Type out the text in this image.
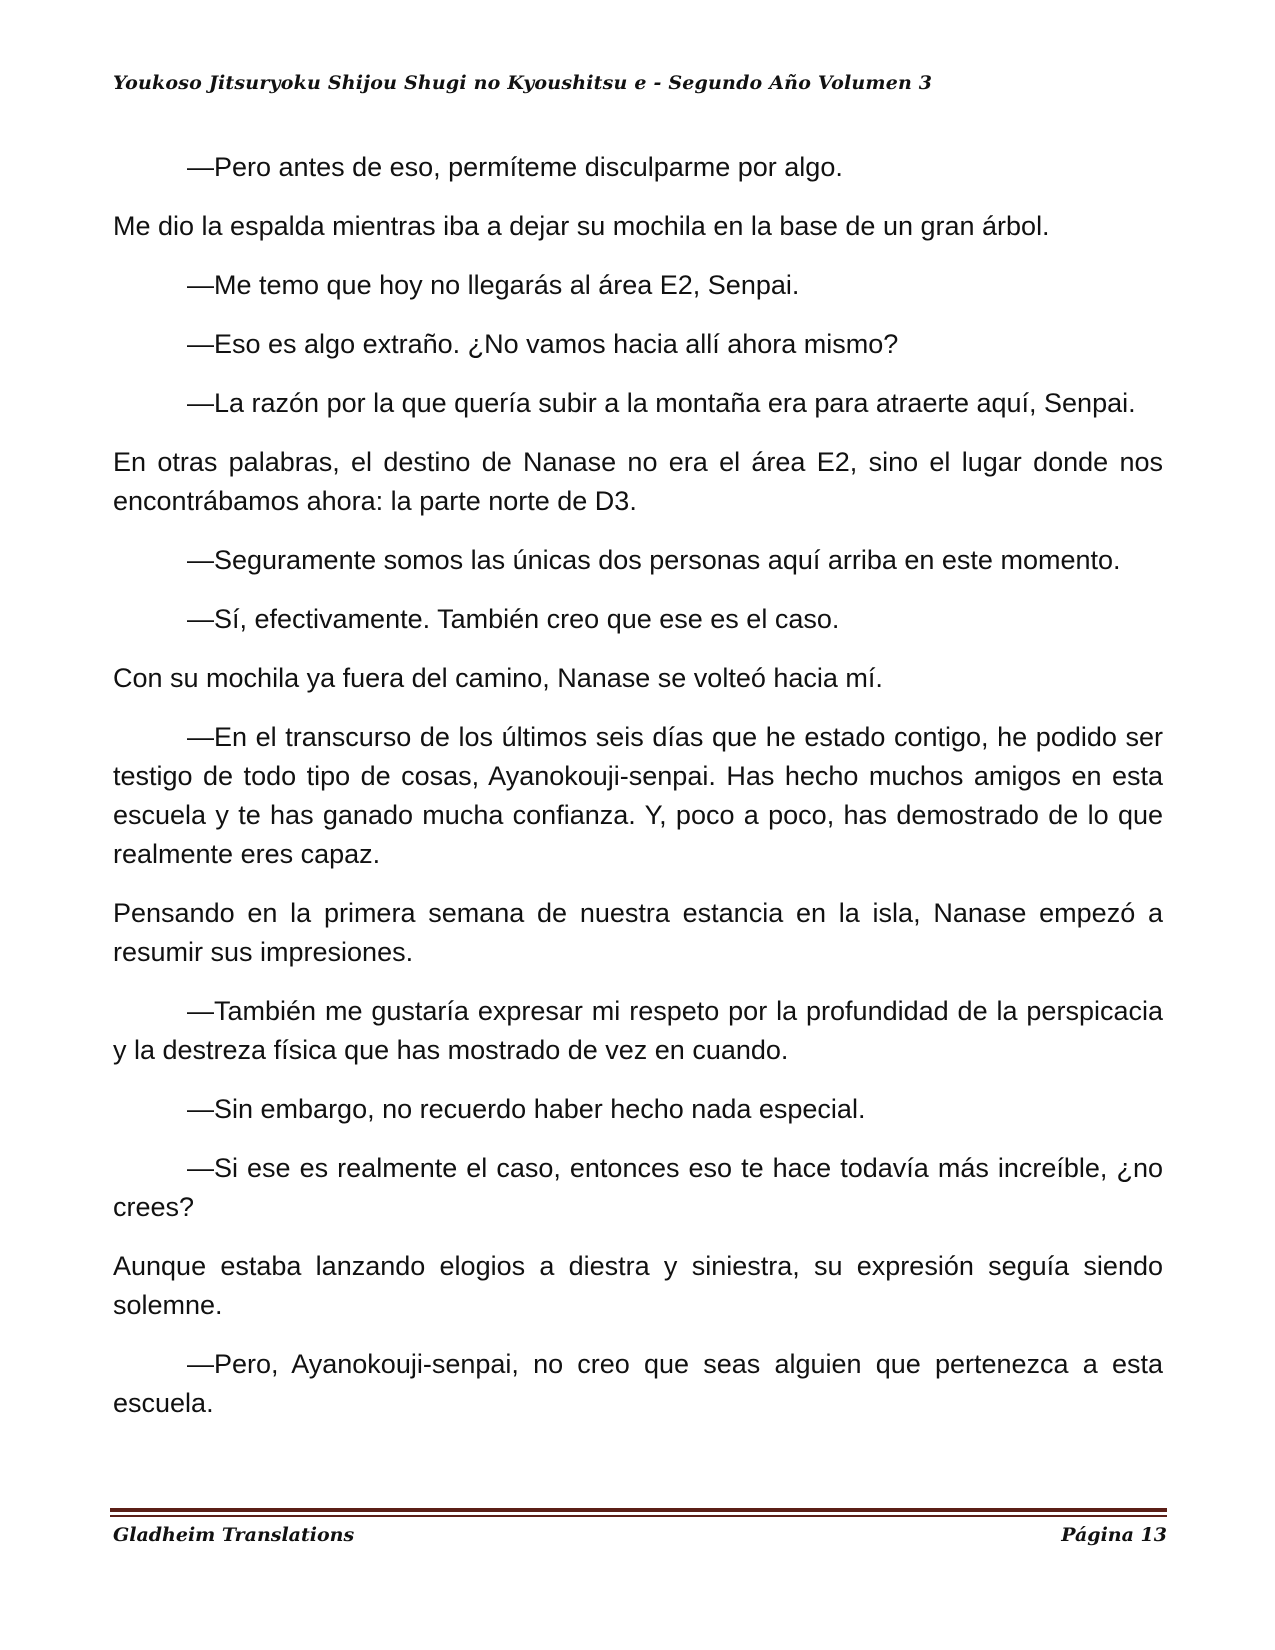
Youkoso Jitsuryoku Shijou Shugi no Kyoushitsu e - Segundo Año Volumen 3

—Pero antes de eso, permíteme disculparme por algo.

Me dio la espalda mientras iba a dejar su mochila en la base de un gran árbol.

—Me temo que hoy no llegarás al área E2, Senpai.

—Eso es algo extraño. ¿No vamos hacia allí ahora mismo?

—La razón por la que quería subir a la montaña era para atraerte aquí, Senpai.

En otras palabras, el destino de Nanase no era el área E2, sino el lugar donde nos encontrábamos ahora: la parte norte de D3.

—Seguramente somos las únicas dos personas aquí arriba en este momento.

—Sí, efectivamente. También creo que ese es el caso.

Con su mochila ya fuera del camino, Nanase se volteó hacia mí.

—En el transcurso de los últimos seis días que he estado contigo, he podido ser testigo de todo tipo de cosas, Ayanokouji-senpai. Has hecho muchos amigos en esta escuela y te has ganado mucha confianza. Y, poco a poco, has demostrado de lo que realmente eres capaz.

Pensando en la primera semana de nuestra estancia en la isla, Nanase empezó a resumir sus impresiones.

—También me gustaría expresar mi respeto por la profundidad de la perspicacia y la destreza física que has mostrado de vez en cuando.

—Sin embargo, no recuerdo haber hecho nada especial.

—Si ese es realmente el caso, entonces eso te hace todavía más increíble, ¿no crees?

Aunque estaba lanzando elogios a diestra y siniestra, su expresión seguía siendo solemne.

—Pero, Ayanokouji-senpai, no creo que seas alguien que pertenezca a esta escuela.

Gladheim Translations	Página 13
